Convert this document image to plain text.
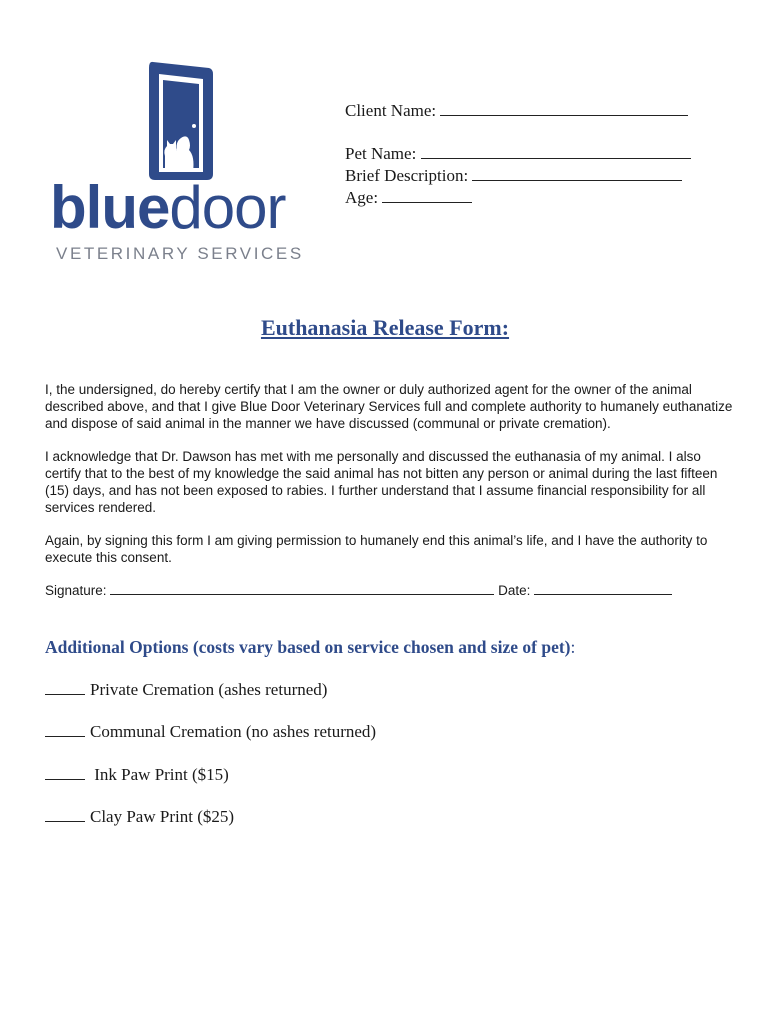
bluedoor
VETERINARY SERVICES
Client Name:
Pet Name:
Brief Description:
Age:
Euthanasia Release Form:
I, the undersigned, do hereby certify that I am the owner or duly authorized agent for the owner of the animal described above, and that I give Blue Door Veterinary Services full and complete authority to humanely euthanatize and dispose of said animal in the manner we have discussed (communal or private cremation).
I acknowledge that Dr. Dawson has met with me personally and discussed the euthanasia of my animal. I also certify that to the best of my knowledge the said animal has not bitten any person or animal during the last fifteen (15) days, and has not been exposed to rabies. I further understand that I assume financial responsibility for all services rendered.
Again, by signing this form I am giving permission to humanely end this animal’s life, and I have the authority to execute this consent.
Signature:	Date:
Additional Options (costs vary based on service chosen and size of pet):
Private Cremation (ashes returned)
Communal Cremation (no ashes returned)
Ink Paw Print ($15)
Clay Paw Print ($25)
